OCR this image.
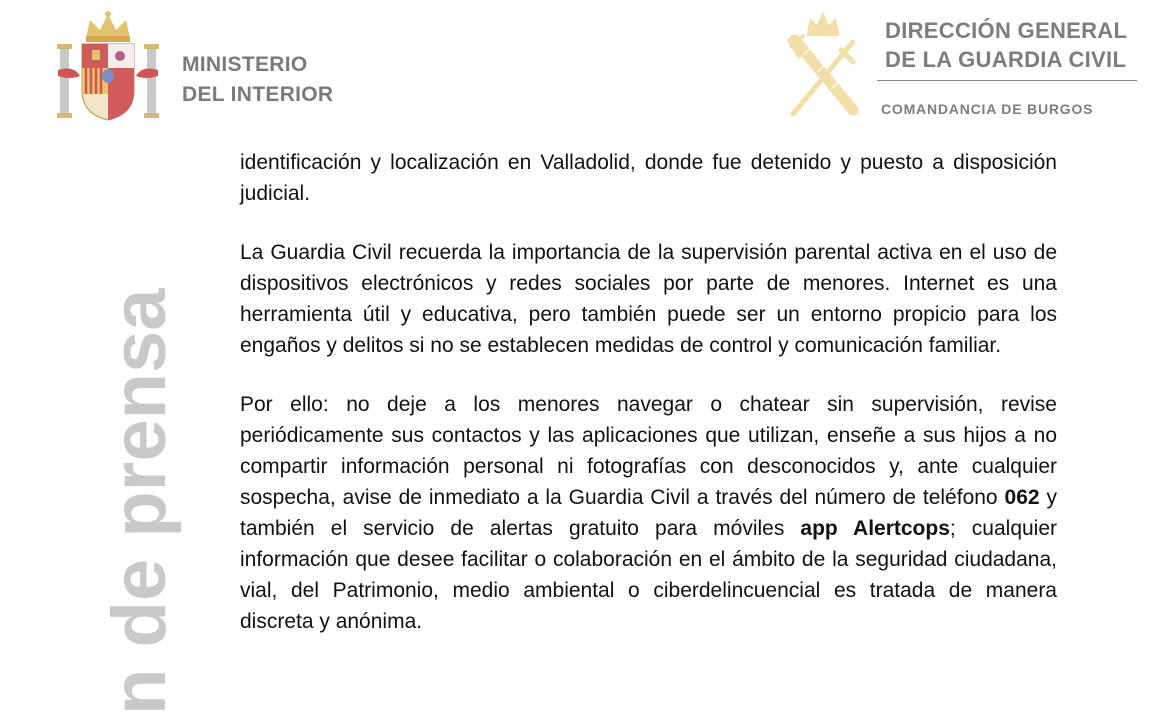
MINISTERIO
DEL INTERIOR
DIRECCIÓN GENERAL
DE LA GUARDIA CIVIL
COMANDANCIA DE BURGOS
n de prensa

identificación y localización en Valladolid, donde fue detenido y puesto a disposición judicial.

La Guardia Civil recuerda la importancia de la supervisión parental activa en el uso de dispositivos electrónicos y redes sociales por parte de menores. Internet es una herramienta útil y educativa, pero también puede ser un entorno propicio para los engaños y delitos si no se establecen medidas de control y comunicación familiar.

Por ello: no deje a los menores navegar o chatear sin supervisión, revise periódicamente sus contactos y las aplicaciones que utilizan, enseñe a sus hijos a no compartir información personal ni fotografías con desconocidos y, ante cualquier sospecha, avise de inmediato a la Guardia Civil a través del número de teléfono 062 y también el servicio de alertas gratuito para móviles app Alertcops; cualquier información que desee facilitar o colaboración en el ámbito de la seguridad ciudadana, vial, del Patrimonio, medio ambiental o ciberdelincuencial es tratada de manera discreta y anónima.
